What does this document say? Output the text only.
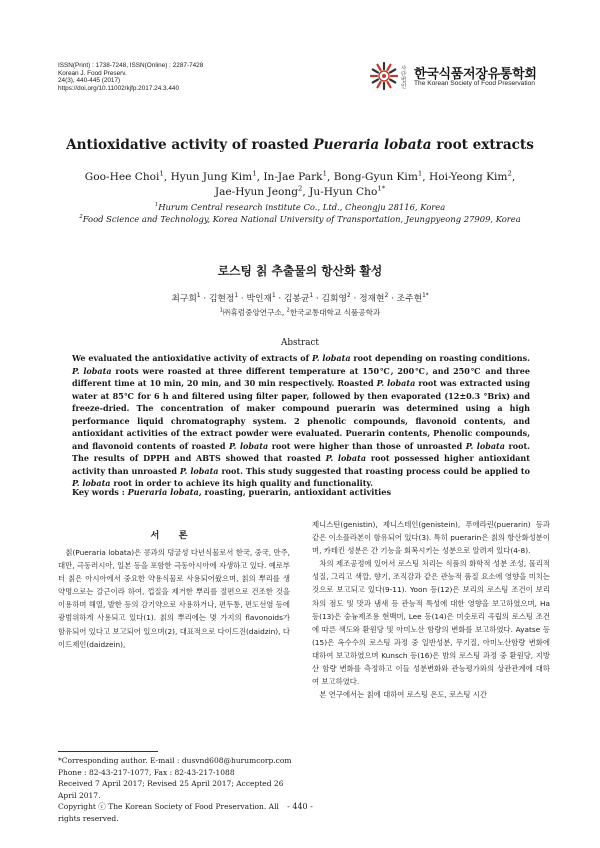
ISSN(Print) : 1738-7248, ISSN(Online) : 2287-7428
Korean J. Food Preserv.
24(3), 440-445 (2017)
https://doi.org/10.11002/kjfp.2017.24.3.440
사단법인
한국식품저장유통학회
The Korean Society of Food Preservation
Antioxidative activity of roasted Pueraria lobata root extracts
Goo-Hee Choi$^1$, Hyun Jung Kim$^1$, In-Jae Park$^1$, Bong-Gyun Kim$^1$, Hoi-Yeong Kim$^2$,
Jae-Hyun Jeong$^2$, Ju-Hyun Cho$^{1*}$
$^1$Hurum Central research institute Co., Ltd., Cheongju 28116, Korea
$^2$Food Science and Technology, Korea National University of Transportation, Jeungpyeong 27909, Korea
로스팅 칡 추출물의 항산화 활성
최구희$^1$ · 김현정$^1$ · 박인재$^1$ · 김봉균$^1$ · 김회영$^2$ · 정재현$^2$ · 조주현$^{1*}$
$^1$㈜휴럼중앙연구소, $^2$한국교통대학교 식품공학과
Abstract
We evaluated the antioxidative activity of extracts of P. lobata root depending on roasting conditions. P. lobata roots were roasted at three different temperature at 150℃, 200℃, and 250℃ and three different time at 10 min, 20 min, and 30 min respectively. Roasted P. lobata root was extracted using water at 85℃ for 6 h and filtered using filter paper, followed by then evaporated (12±0.3 °Brix) and freeze-dried. The concentration of maker compound puerarin was determined using a high performance liquid chromatography system. 2 phenolic compounds, flavonoid contents, and antioxidant activities of the extract powder were evaluated. Puerarin contents, Phenolic compounds, and flavonoid contents of roasted P. lobata root were higher than those of unroasted P. lobata root. The results of DPPH and ABTS showed that roasted P. lobata root possessed higher antioxidant activity than unroasted P. lobata root. This study suggested that roasting process could be applied to P. lobata root in order to achieve its high quality and functionality.
Key words : Pueraria lobata, roasting, puerarin, antioxidant activities
서 론

칡(Pueraria lobata)은 콩과의 덩굴성 다년식물로서 한국, 중국, 만주, 대만, 극동러시아, 일본 등을 포함한 극동아시아에 자생하고 있다. 예로부터 칡은 아시아에서 중요한 약용식물로 사용되어왔으며, 칡의 뿌리를 생약명으로는 갈근이라 하여, 껍질을 제거한 뿌리를 절편으로 건조한 것을 이용하며 해열, 발한 등의 감기약으로 사용하거나, 편두통, 편도선염 등에 광범위하게 사용되고 있다(1). 칡의 뿌리에는 몇 가지의 flavonoids가 함유되어 있다고 보고되어 있으며(2), 대표적으로 다이드진(daidzin), 다이드제인(daidzein),

제니스틴(genistin), 제니스테인(genistein), 푸에라린(puerarin) 등과 같은 이소플라본이 함유되어 있다(3). 특히 puerarin은 칡의 항산화성분이며, 카테킨 성분은 간 기능을 회복시키는 성분으로 알려져 있다(4-8).

차의 제조공정에 있어서 로스팅 처리는 식품의 화학적 성분 조성, 물리적 성질, 그리고 색깔, 향기, 조직감과 같은 관능적 품질 요소에 영향을 미치는 것으로 보고되고 있다(9-11). Yoon 등(12)은 보리의 로스팅 조건이 보리차의 점도 및 맛과 냄새 등 관능적 특성에 대한 영향을 보고하였으며, Ha 등(13)은 숭늉제조용 현백미, Lee 등(14)은 미숫로리 곡립의 로스팅 조건에 따른 색도와 환원당 및 아미노산 함량의 변화를 보고하였다. Ayatse 등(15)은 옥수수의 로스팅 과정 중 일반성분, 무기질, 아미노산함량 변화에 대하여 보고하였으며 Kunsch 등(16)은 밤의 로스팅 과정 중 환원당, 지방산 함량 변화를 측정하고 이들 성분변화와 관능평가와의 상관관계에 대하여 보고하였다.

본 연구에서는 칡에 대하여 로스팅 온도, 로스팅 시간

*Corresponding author. E-mail : dusvnd608@hurumcorp.com
Phone : 82-43-217-1077, Fax : 82-43-217-1088
Received 7 April 2017; Revised 25 April 2017; Accepted 26 April 2017.
Copyright ⓒ The Korean Society of Food Preservation. All rights reserved.
- 440 -
